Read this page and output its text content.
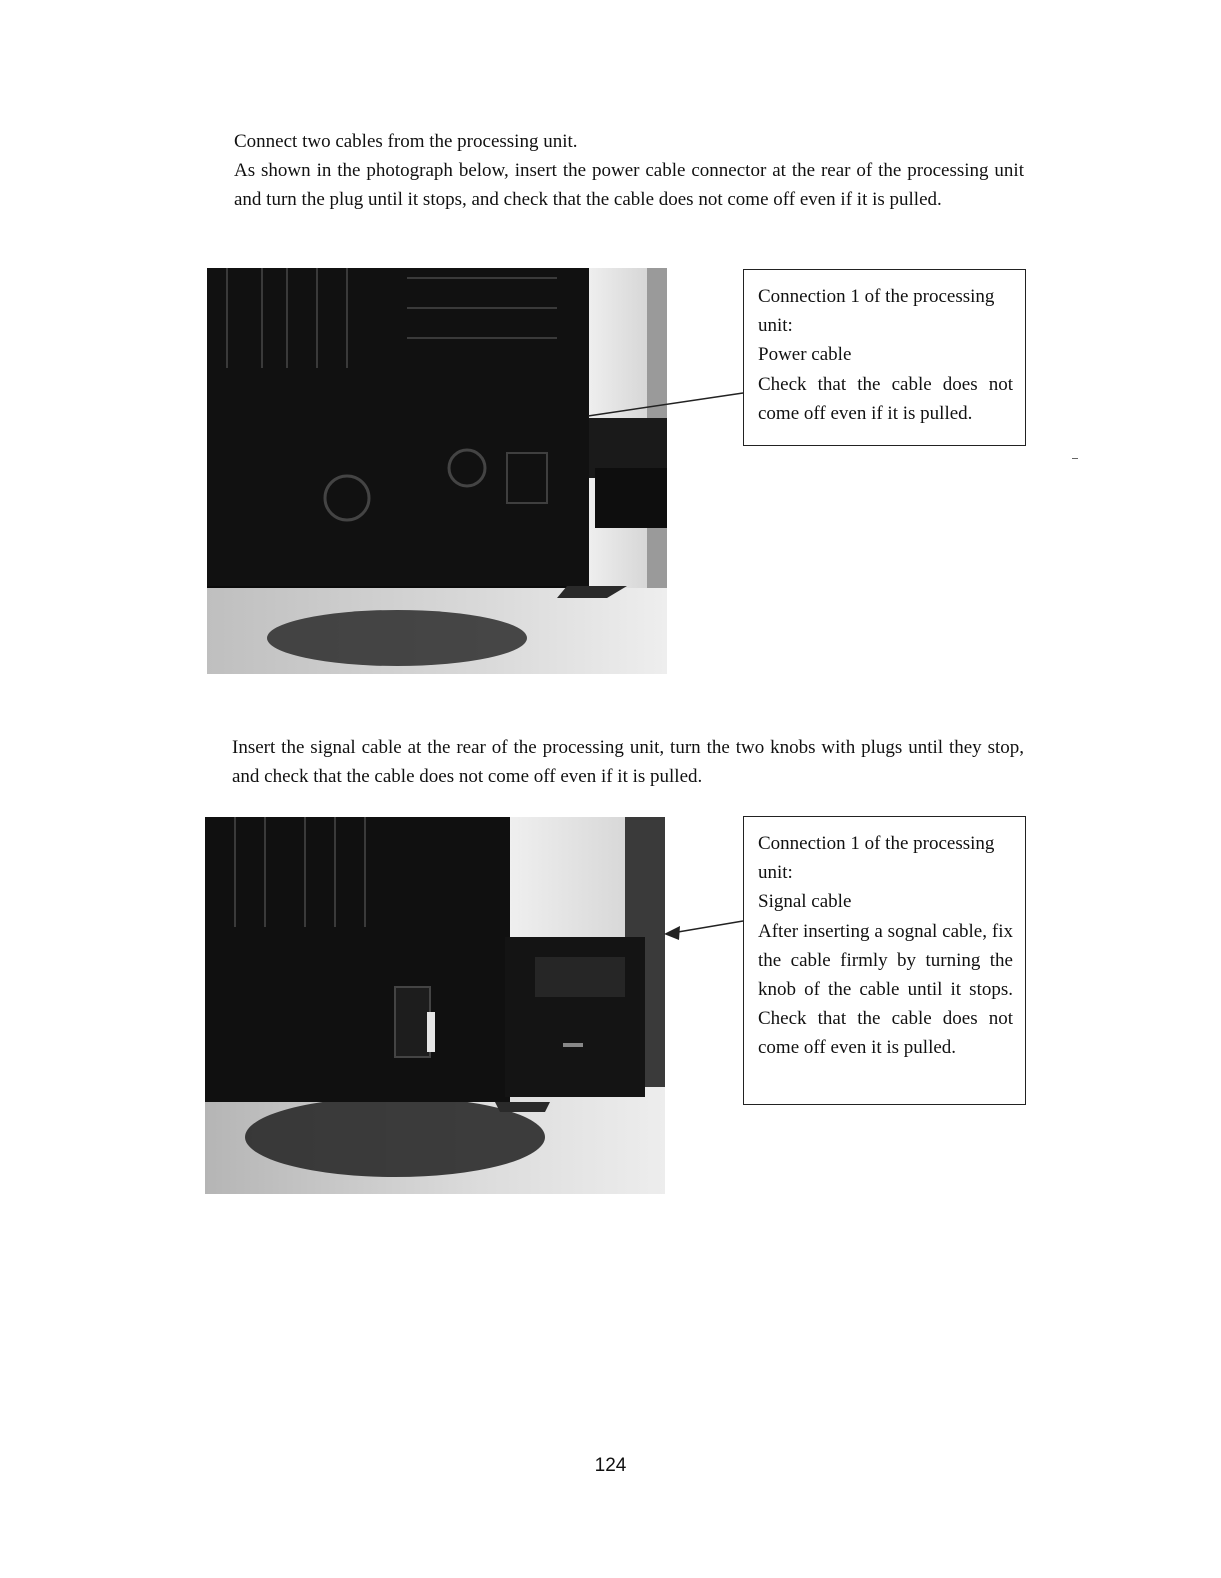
Connect two cables from the processing unit.
As shown in the photograph below, insert the power cable connector at the rear of the processing unit and turn the plug until it stops, and check that the cable does not come off even if it is pulled.
Connection 1 of the processing
unit:
Power cable
Check that the cable does not come off even if it is pulled.
Insert the signal cable at the rear of the processing unit, turn the two knobs with plugs until they stop, and check that the cable does not come off even if it is pulled.
Connection 1 of the processing
unit:
Signal cable
After inserting a sognal cable, fix the cable firmly by turning the knob of the cable until it stops. Check that the cable does not come off even it is pulled.
124
